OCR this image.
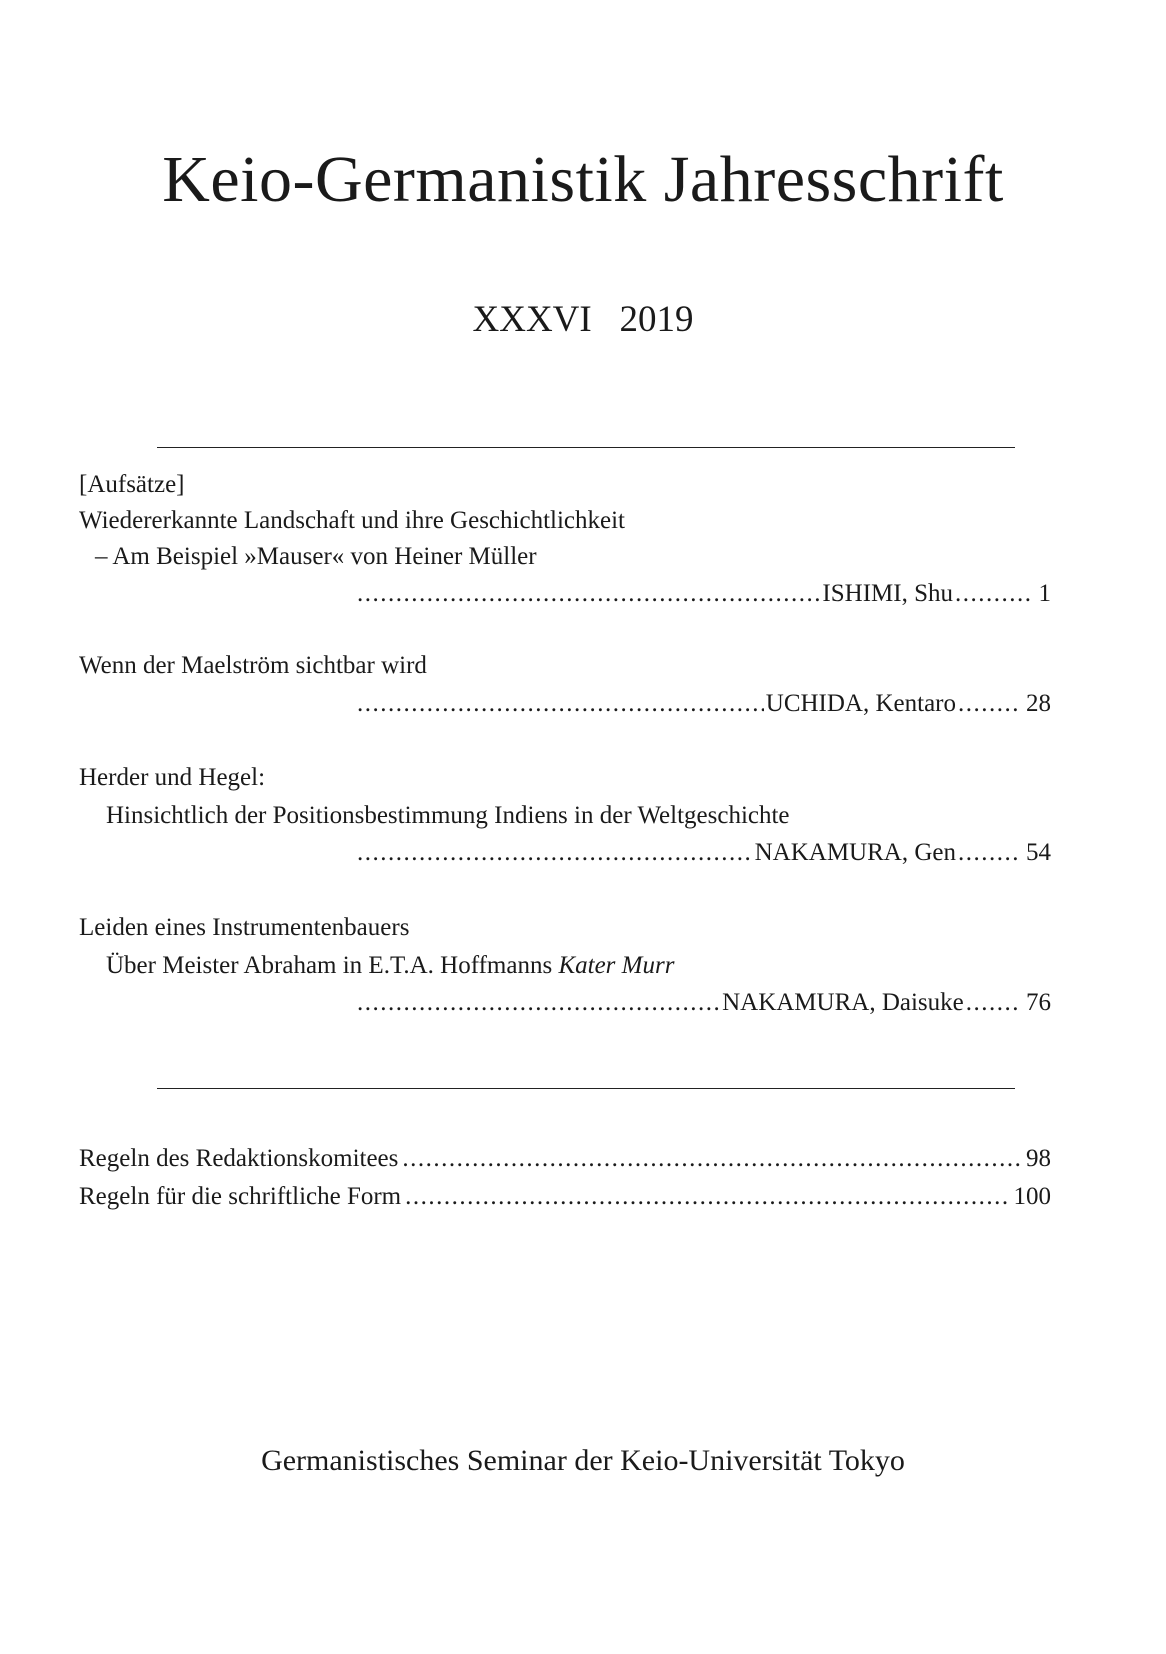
Keio-Germanistik Jahresschrift
XXXVI   2019
[Aufsätze]
Wiedererkannte Landschaft und ihre Geschichtlichkeit
– Am Beispiel »Mauser« von Heiner Müller
.....
ISHIMI, Shu .......... 1
Wenn der Maelström sichtbar wird
.....
UCHIDA, Kentaro ........ 28
Herder und Hegel:
Hinsichtlich der Positionsbestimmung Indiens in der Weltgeschichte
.....
NAKAMURA, Gen ........ 54
Leiden eines Instrumentenbauers
Über Meister Abraham in E.T.A. Hoffmanns Kater Murr
.....
NAKAMURA, Daisuke ....... 76
Regeln des Redaktionskomitees .....	98
Regeln für die schriftliche Form .....	100
Germanistisches Seminar der Keio-Universität Tokyo
